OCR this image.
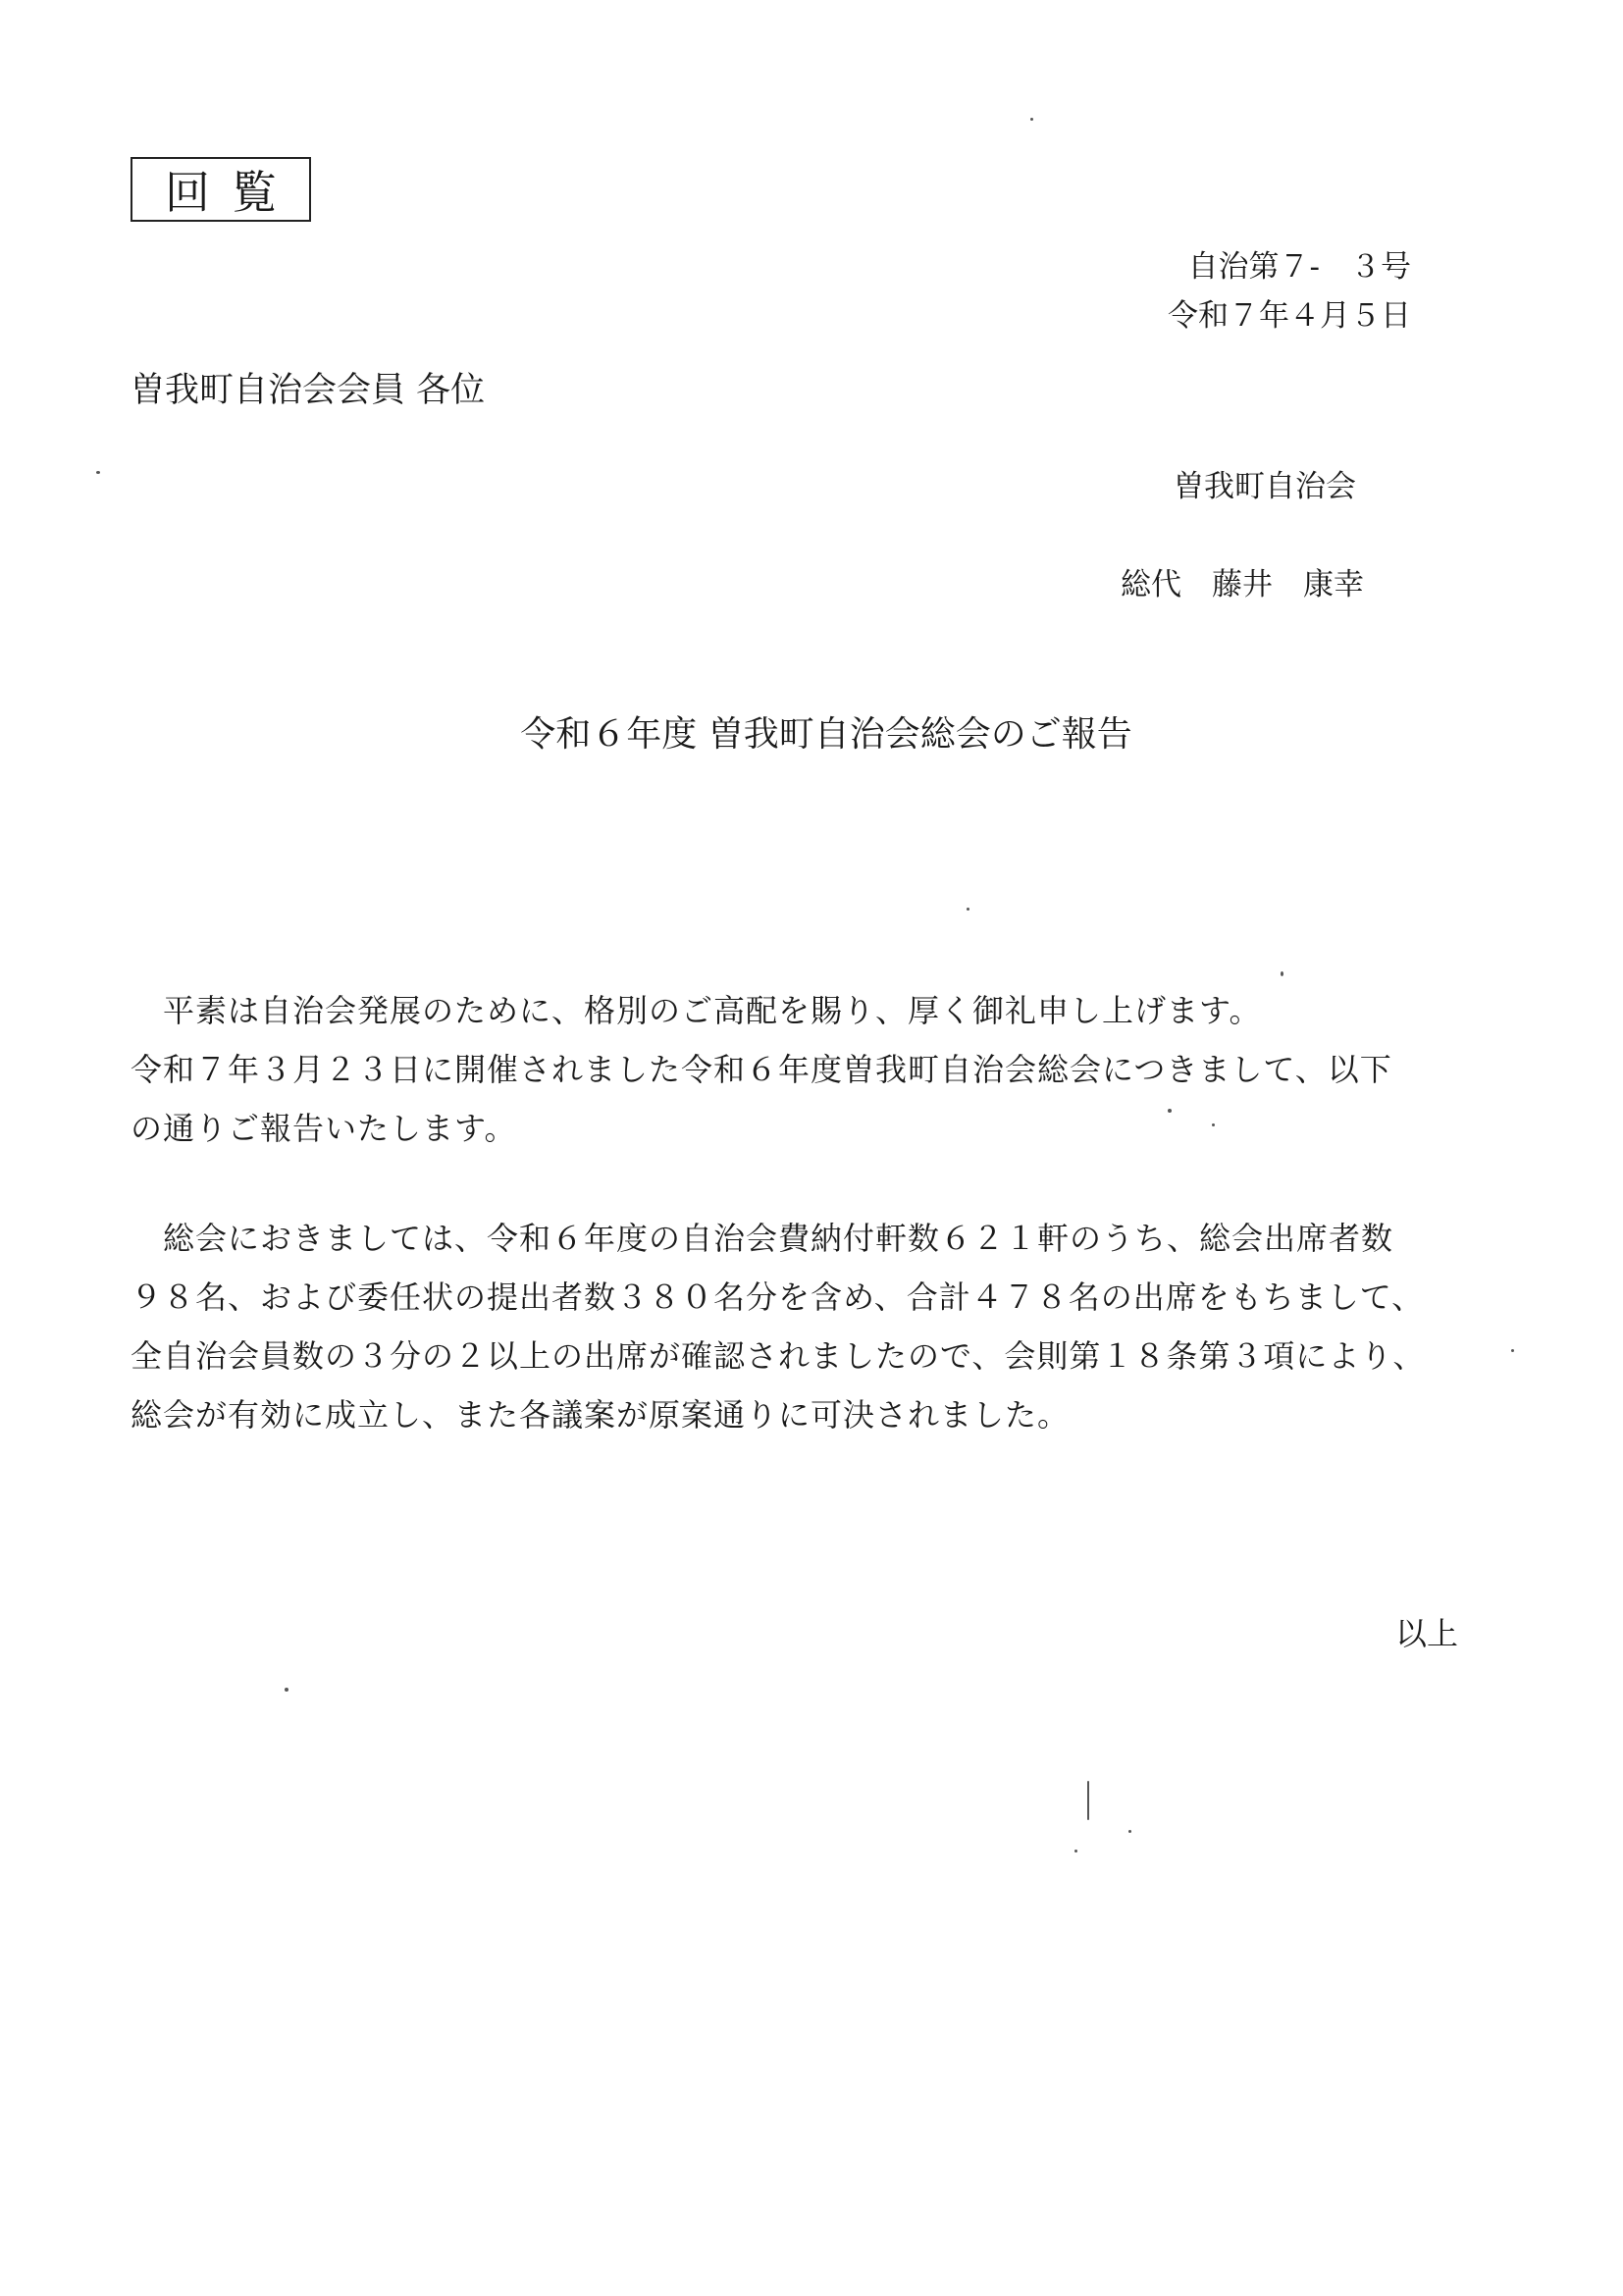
回覧
自治第７-　３号
令和７年４月５日
曽我町自治会会員 各位
曽我町自治会
総代　藤井　康幸
令和６年度 曽我町自治会総会のご報告

　平素は自治会発展のために、格別のご高配を賜り、厚く御礼申し上げます。
令和７年３月２３日に開催されました令和６年度曽我町自治会総会につきまして、以下
の通りご報告いたします。

　総会におきましては、令和６年度の自治会費納付軒数６２１軒のうち、総会出席者数
９８名、および委任状の提出者数３８０名分を含め、合計４７８名の出席をもちまして、
全自治会員数の３分の２以上の出席が確認されましたので、会則第１８条第３項により、
総会が有効に成立し、また各議案が原案通りに可決されました。

以上
